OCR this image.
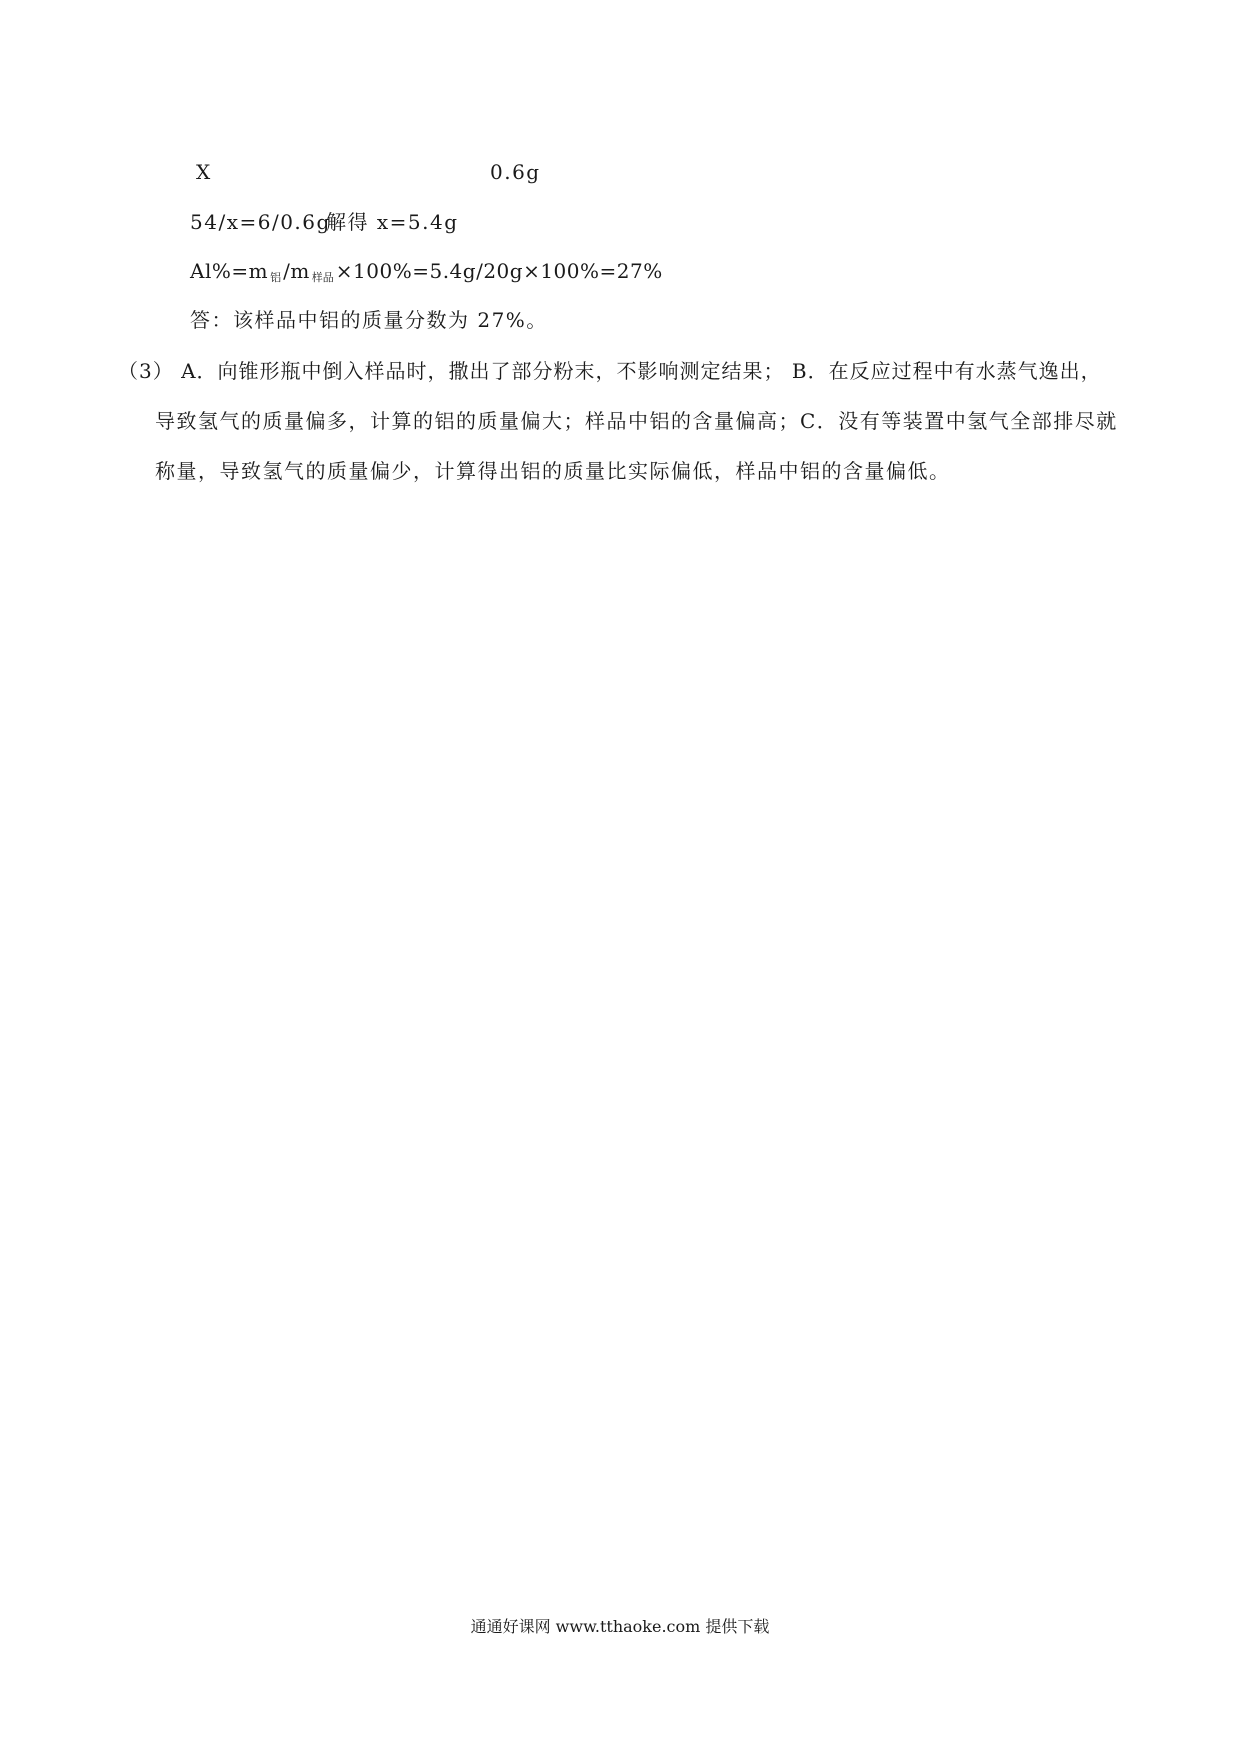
X	0.6g
54/x=6/0.6g
解得 x=5.4g
Al%=m $_铝$ /m $_{样品}$ ×100%=5.4g/20g×100%=27%
答：该样品中铝的质量分数为 27%。
（3） A．向锥形瓶中倒入样品时，撒出了部分粉末，不影响测定结果； B．在反应过程中有水蒸气逸出，
导致氢气的质量偏多，计算的铝的质量偏大；样品中铝的含量偏高；C．没有等装置中氢气全部排尽就
称量，导致氢气的质量偏少，计算得出铝的质量比实际偏低，样品中铝的含量偏低。
通通好课网 www.tthaoke.com 提供下载
